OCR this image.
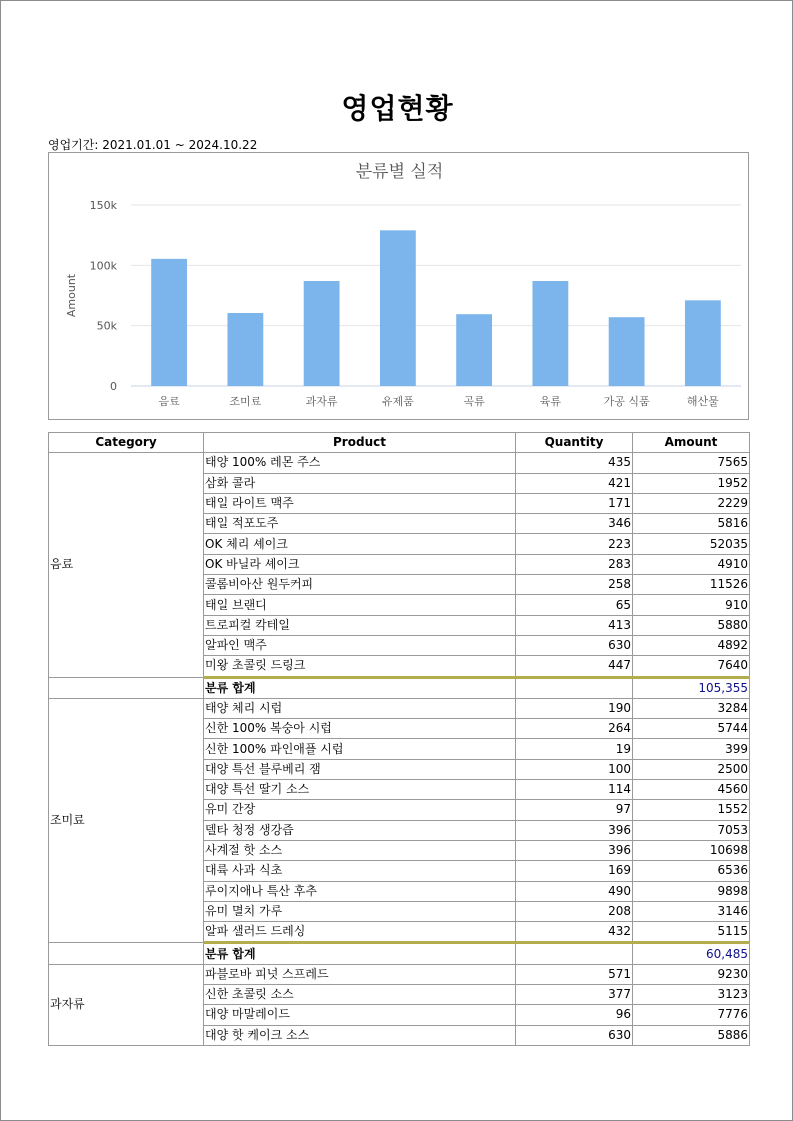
영업현황
영업기간: 2021.01.01 ~ 2024.10.22
분류별 실적
0
50k
100k
150k
Amount
음료	조미료	과자류	유제품	곡류	육류	가공 식품	해산물
Category	Product	Quantity	Amount
음료	태양 100% 레몬 주스	435	7565
	삼화 콜라	421	1952
	태일 라이트 맥주	171	2229
	태일 적포도주	346	5816
	OK 체리 셰이크	223	52035
	OK 바닐라 셰이크	283	4910
	콜롬비아산 원두커피	258	11526
	태일 브랜디	65	910
	트로피컬 칵테일	413	5880
	알파인 맥주	630	4892
	미왕 초콜릿 드링크	447	7640
	분류 합계		105,355
조미료	태양 체리 시럽	190	3284
	신한 100% 복숭아 시럽	264	5744
	신한 100% 파인애플 시럽	19	399
	대양 특선 블루베리 잼	100	2500
	대양 특선 딸기 소스	114	4560
	유미 간장	97	1552
	델타 청정 생강즙	396	7053
	사계절 핫 소스	396	10698
	대륙 사과 식초	169	6536
	루이지애나 특산 후추	490	9898
	유미 멸치 가루	208	3146
	알파 샐러드 드레싱	432	5115
	분류 합계		60,485
과자류	파블로바 피넛 스프레드	571	9230
	신한 초콜릿 소스	377	3123
	대양 마말레이드	96	7776
	대양 핫 케이크 소스	630	5886
